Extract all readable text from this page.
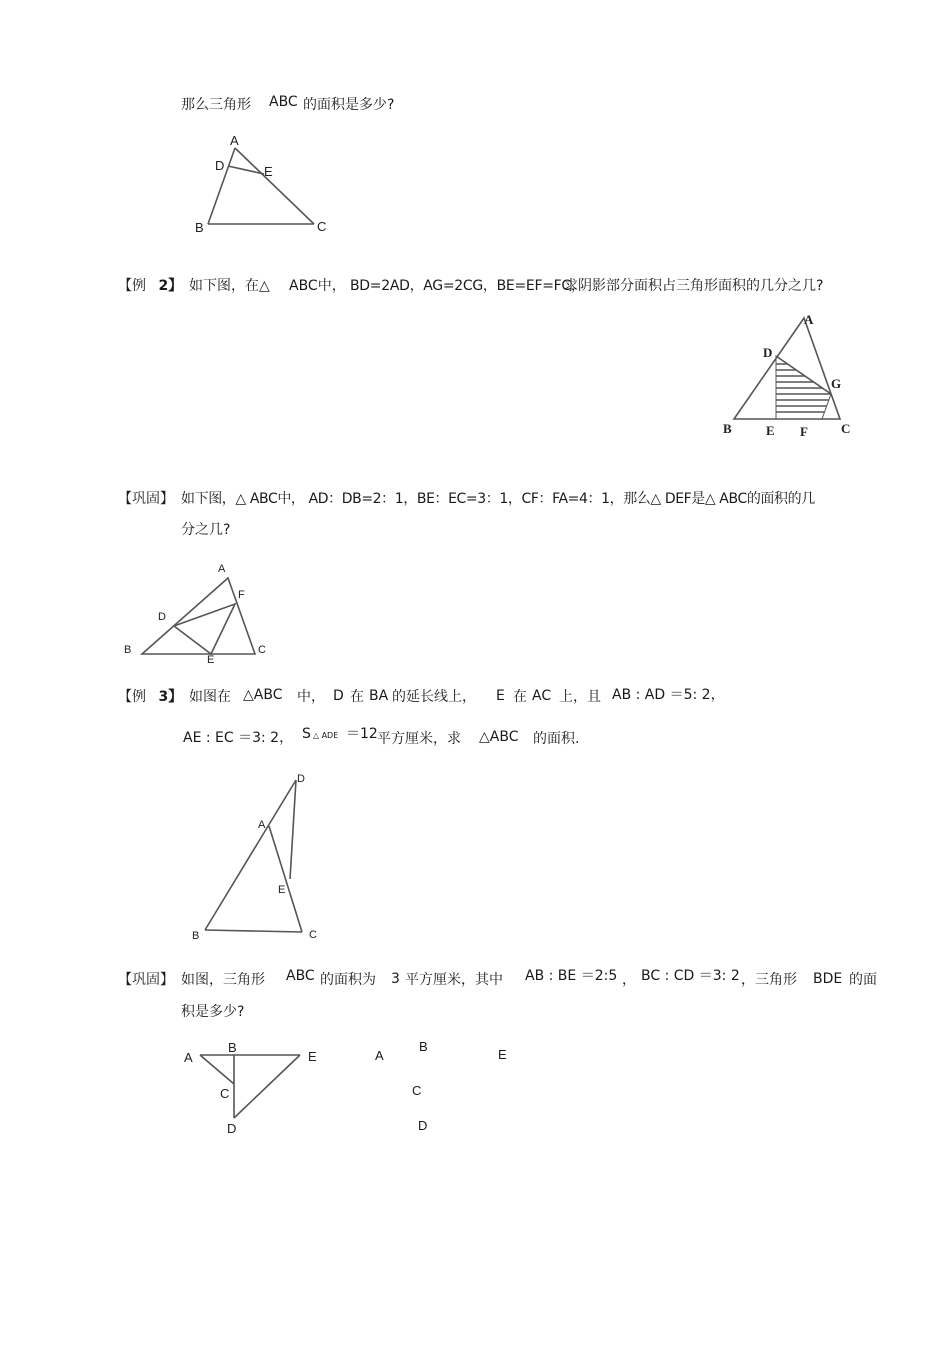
那么三角形 ABC 的面积是多少?
A
D	E
B	C
【例 2】 如下图，在△ ABC中， BD=2AD，AG=2CG，BE=EF=FC，
求阴影部分面积占三角形面积的几分之几?
A
D
G
B	E F	C
【巩固】 如下图，△ ABC中， AD：DB=2：1，BE：EC=3：1，CF：FA=4：1，那么△ DEF是△ ABC的面积的几
分之几?
A
F
D
B
E
C
【例 3】 如图在 △ABC 中， D 在 BA 的延长线上， E 在 AC 上，且 AB : AD ＝5: 2，
AE : EC ＝3: 2， S △ ADE ＝12 平方厘米，求 △ABC 的面积.
D
A
E
B	C
【巩固】 如图，三角形 ABC 的面积为 3 平方厘米，其中 AB : BE ＝2:5 ， BC : CD ＝3: 2 ，三角形 BDE 的面
积是多少?
A
B
E
C
D
A
B
E
C
D
